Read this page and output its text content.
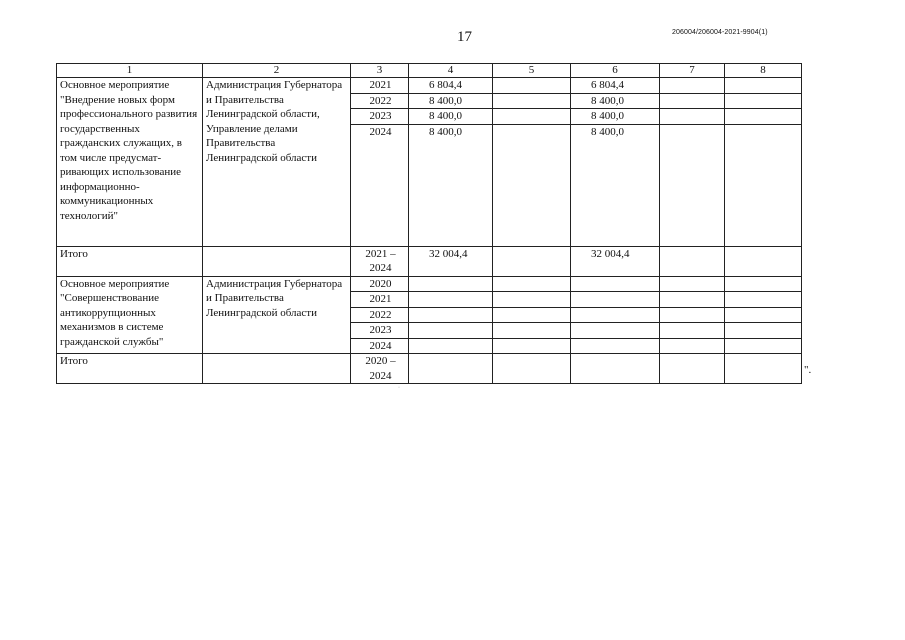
17	206004/206004-2021-9904(1)
1	2	3	4	5	6	7	8
Основное мероприятие "Внедрение новых форм профессионального развития государственных гражданских служащих, в том числе предусмат-ривающих использование информационно-коммуникационных технологий"	Администрация Губернатора и Правительства Ленинградской области, Управление делами Правительства Ленинградской области	2021	6 804,4		6 804,4		
		2022	8 400,0		8 400,0		
		2023	8 400,0		8 400,0		
		2024	8 400,0		8 400,0		
Итого		2021 – 2024	32 004,4		32 004,4		
Основное мероприятие "Совершенствование антикоррупционных механизмов в системе гражданской службы"	Администрация Губернатора и Правительства Ленинградской области	2020					
		2021					
		2022					
		2023					
		2024					
Итого		2020 – 2024						".
·
